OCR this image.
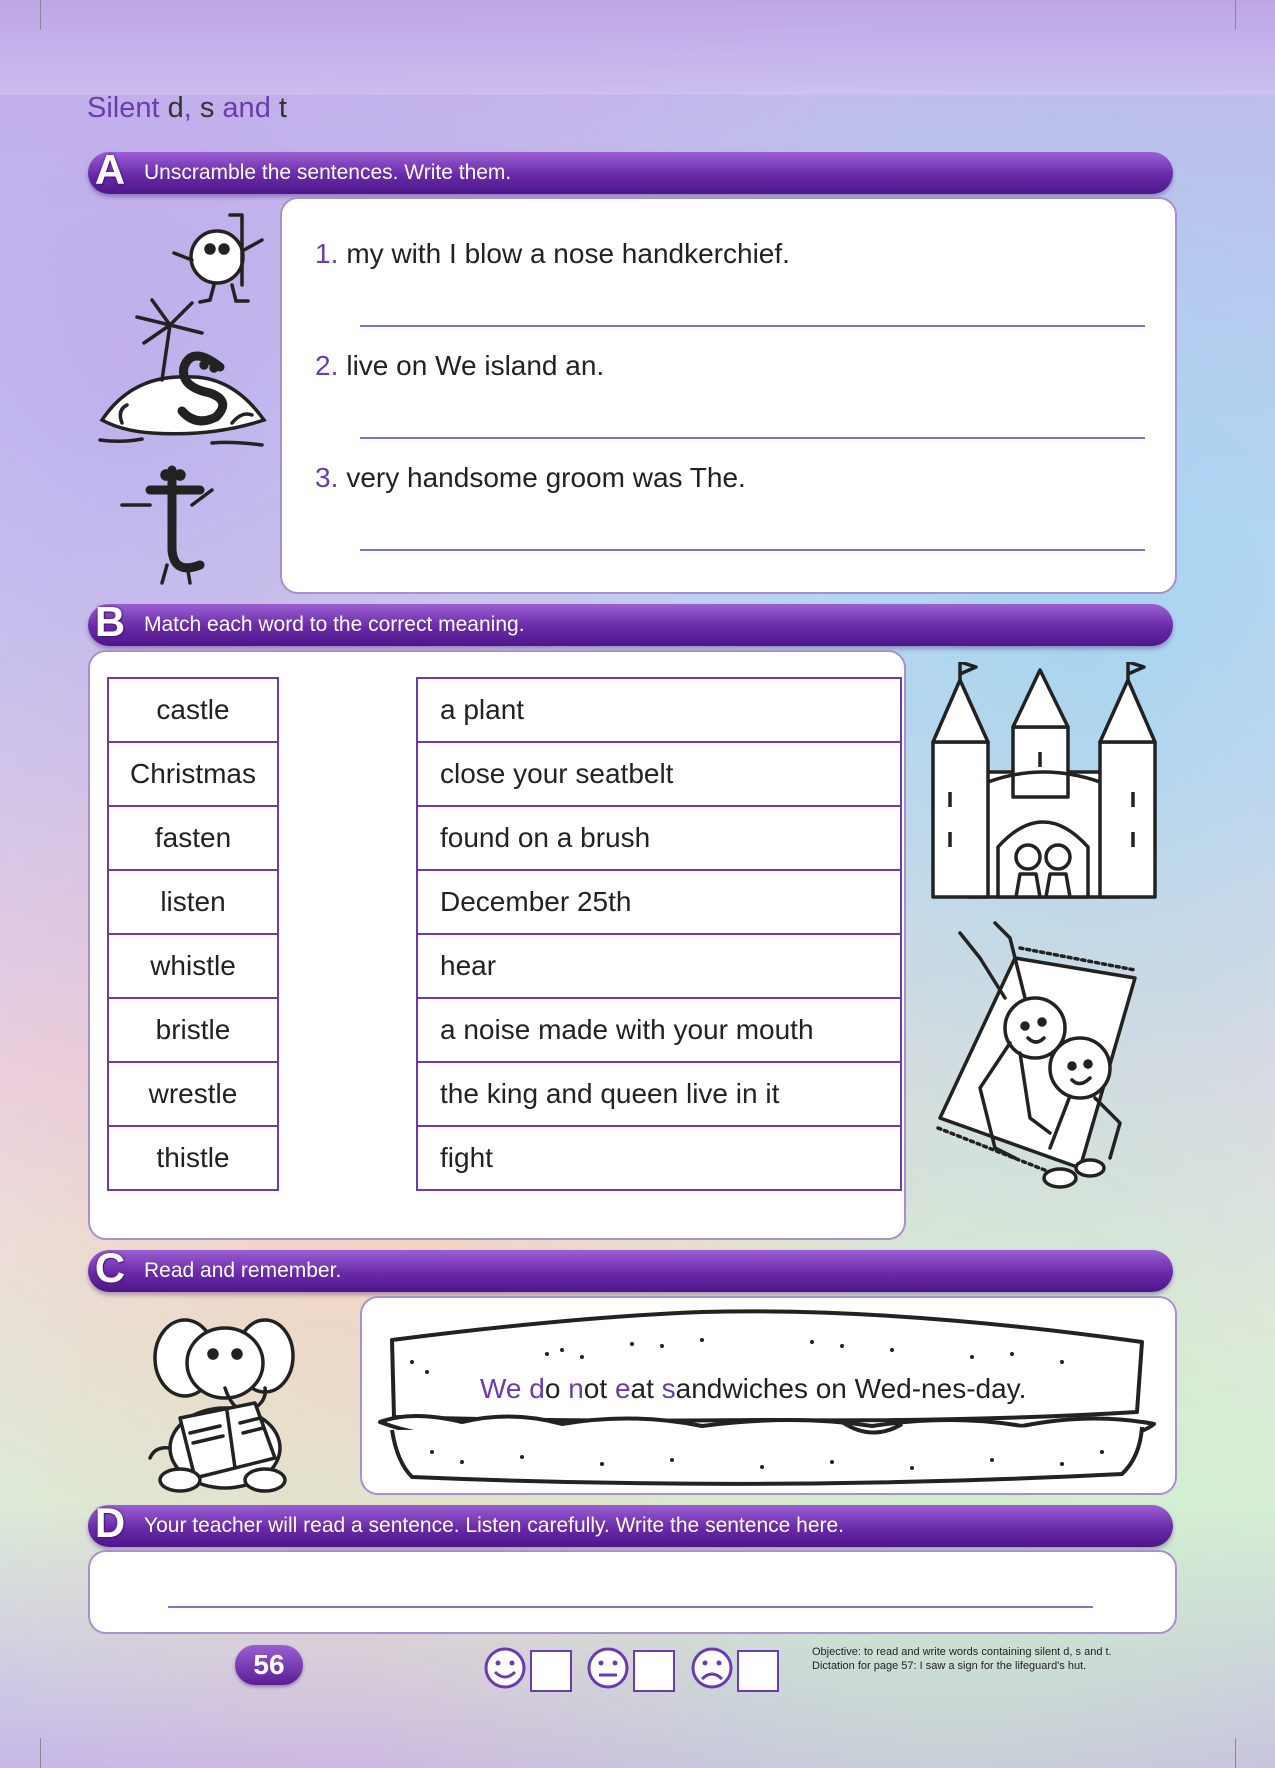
Silent d, s and t
A Unscramble the sentences. Write them.
1. my with I blow a nose handkerchief.
2. live on We island an.
3. very handsome groom was The.
B Match each word to the correct meaning.
castle
Christmas
fasten
listen
whistle
bristle
wrestle
thistle
a plant
close your seatbelt
found on a brush
December 25th
hear
a noise made with your mouth
the king and queen live in it
fight
C Read and remember.
We do not eat sandwiches on Wed-nes-day.
D Your teacher will read a sentence. Listen carefully. Write the sentence here.
56	Objective: to read and write words containing silent d, s and t.
Dictation for page 57: I saw a sign for the lifeguard's hut.
